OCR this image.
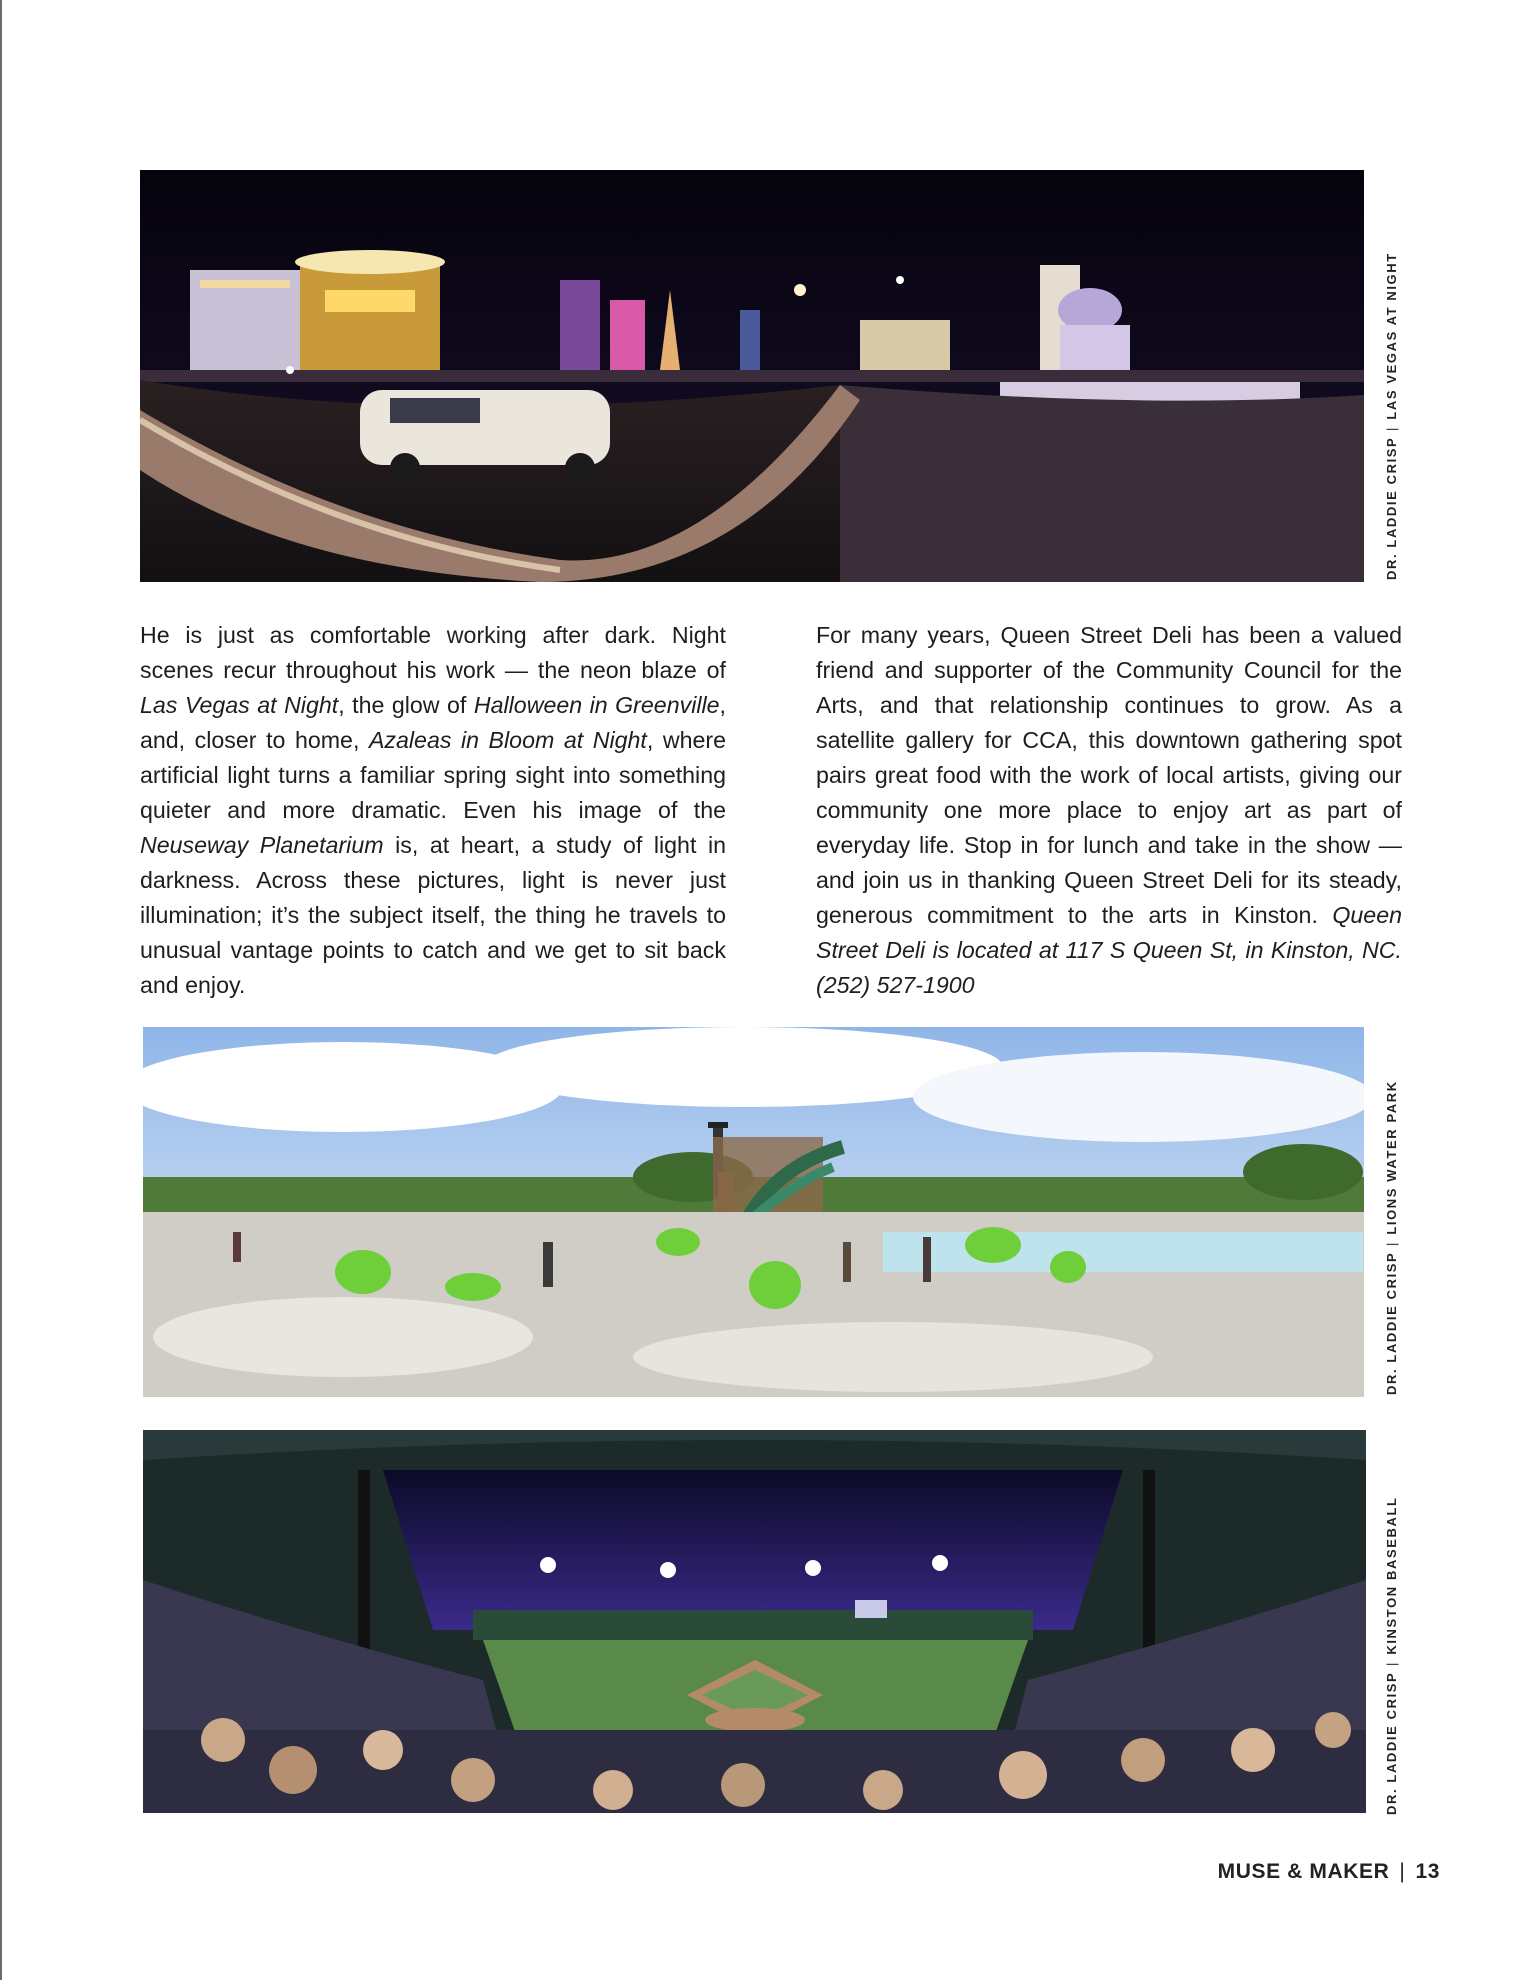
DR. LADDIE CRISP|LAS VEGAS AT NIGHT

He is just as comfortable working after dark. Night scenes recur throughout his work — the neon blaze of Las Vegas at Night, the glow of Halloween in Greenville, and, closer to home, Azaleas in Bloom at Night, where artificial light turns a familiar spring sight into something quieter and more dramatic. Even his image of the Neuseway Planetarium is, at heart, a study of light in darkness. Across these pictures, light is never just illumination; it’s the subject itself, the thing he travels to unusual vantage points to catch and we get to sit back and enjoy.

For many years, Queen Street Deli has been a valued friend and supporter of the Community Council for the Arts, and that relationship continues to grow. As a satellite gallery for CCA, this downtown gathering spot pairs great food with the work of local artists, giving our community one more place to enjoy art as part of everyday life. Stop in for lunch and take in the show — and join us in thanking Queen Street Deli for its steady, generous commitment to the arts in Kinston. Queen Street Deli is located at 117 S Queen St, in Kinston, NC. (252) 527-1900

DR. LADDIE CRISP|LIONS WATER PARK
DR. LADDIE CRISP|KINSTON BASEBALL
MUSE & MAKER | 13
